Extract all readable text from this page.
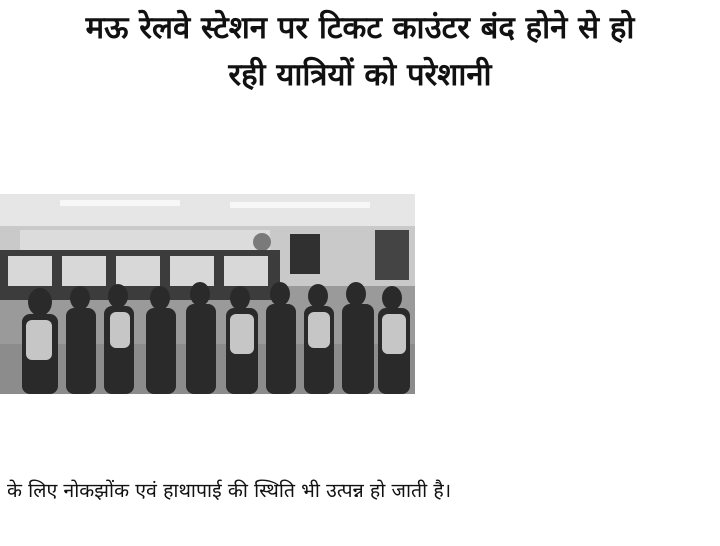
मऊ रेलवे स्टेशन पर टिकट काउंटर बंद होने से हो
रही यात्रियों को परेशानी
के लिए नोकझोंक एवं हाथापाई की स्थिति भी उत्पन्न हो जाती है।
